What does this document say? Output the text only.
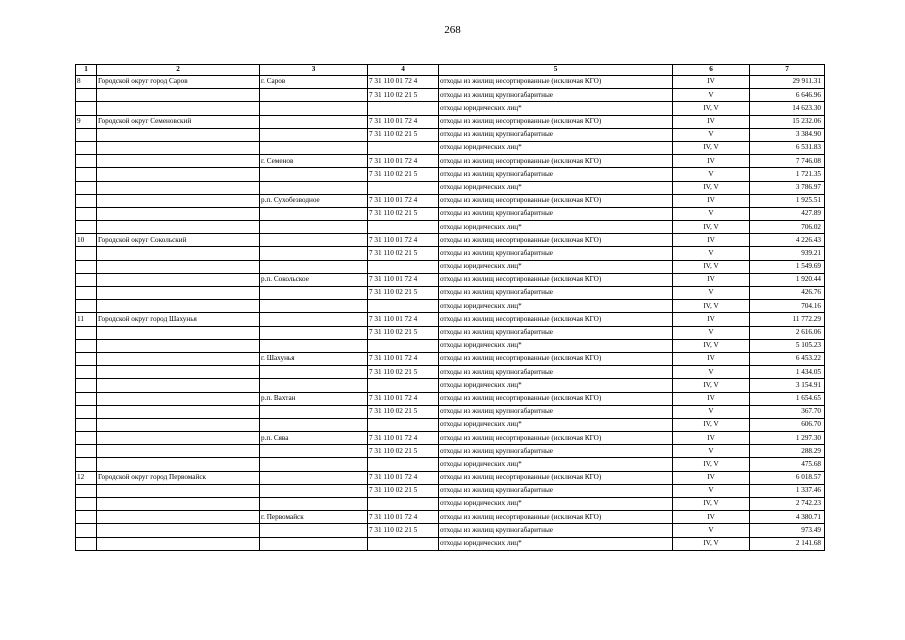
268
1	2	3	4	5	6	7
8	Городской округ город Саров	г. Саров	7 31 110 01 72 4	отходы из жилищ несортированные (исключая КГО)	IV	29 911.31
			7 31 110 02 21 5	отходы из жилищ крупногабаритные	V	6 646.96
				отходы юридических лиц*	IV, V	14 623.30
9	Городской округ Семеновский		7 31 110 01 72 4	отходы из жилищ несортированные (исключая КГО)	IV	15 232.06
			7 31 110 02 21 5	отходы из жилищ крупногабаритные	V	3 384.90
				отходы юридических лиц*	IV, V	6 531.83
		г. Семенов	7 31 110 01 72 4	отходы из жилищ несортированные (исключая КГО)	IV	7 746.08
			7 31 110 02 21 5	отходы из жилищ крупногабаритные	V	1 721.35
				отходы юридических лиц*	IV, V	3 786.97
		р.п. Сухобезводное	7 31 110 01 72 4	отходы из жилищ несортированные (исключая КГО)	IV	1 925.51
			7 31 110 02 21 5	отходы из жилищ крупногабаритные	V	427.89
				отходы юридических лиц*	IV, V	706.02
10	Городской округ Сокольский		7 31 110 01 72 4	отходы из жилищ несортированные (исключая КГО)	IV	4 226.43
			7 31 110 02 21 5	отходы из жилищ крупногабаритные	V	939.21
				отходы юридических лиц*	IV, V	1 549.69
		р.п. Сокольское	7 31 110 01 72 4	отходы из жилищ несортированные (исключая КГО)	IV	1 920.44
			7 31 110 02 21 5	отходы из жилищ крупногабаритные	V	426.76
				отходы юридических лиц*	IV, V	704.16
11	Городской округ город Шахунья		7 31 110 01 72 4	отходы из жилищ несортированные (исключая КГО)	IV	11 772.29
			7 31 110 02 21 5	отходы из жилищ крупногабаритные	V	2 616.06
				отходы юридических лиц*	IV, V	5 105.23
		г. Шахунья	7 31 110 01 72 4	отходы из жилищ несортированные (исключая КГО)	IV	6 453.22
			7 31 110 02 21 5	отходы из жилищ крупногабаритные	V	1 434.05
				отходы юридических лиц*	IV, V	3 154.91
		р.п. Вахтан	7 31 110 01 72 4	отходы из жилищ несортированные (исключая КГО)	IV	1 654.65
			7 31 110 02 21 5	отходы из жилищ крупногабаритные	V	367.70
				отходы юридических лиц*	IV, V	606.70
		р.п. Сява	7 31 110 01 72 4	отходы из жилищ несортированные (исключая КГО)	IV	1 297.30
			7 31 110 02 21 5	отходы из жилищ крупногабаритные	V	288.29
				отходы юридических лиц*	IV, V	475.68
12	Городской округ город Первомайск		7 31 110 01 72 4	отходы из жилищ несортированные (исключая КГО)	IV	6 018.57
			7 31 110 02 21 5	отходы из жилищ крупногабаритные	V	1 337.46
				отходы юридических лиц*	IV, V	2 742.23
		г. Первомайск	7 31 110 01 72 4	отходы из жилищ несортированные (исключая КГО)	IV	4 380.71
			7 31 110 02 21 5	отходы из жилищ крупногабаритные	V	973.49
				отходы юридических лиц*	IV, V	2 141.68
